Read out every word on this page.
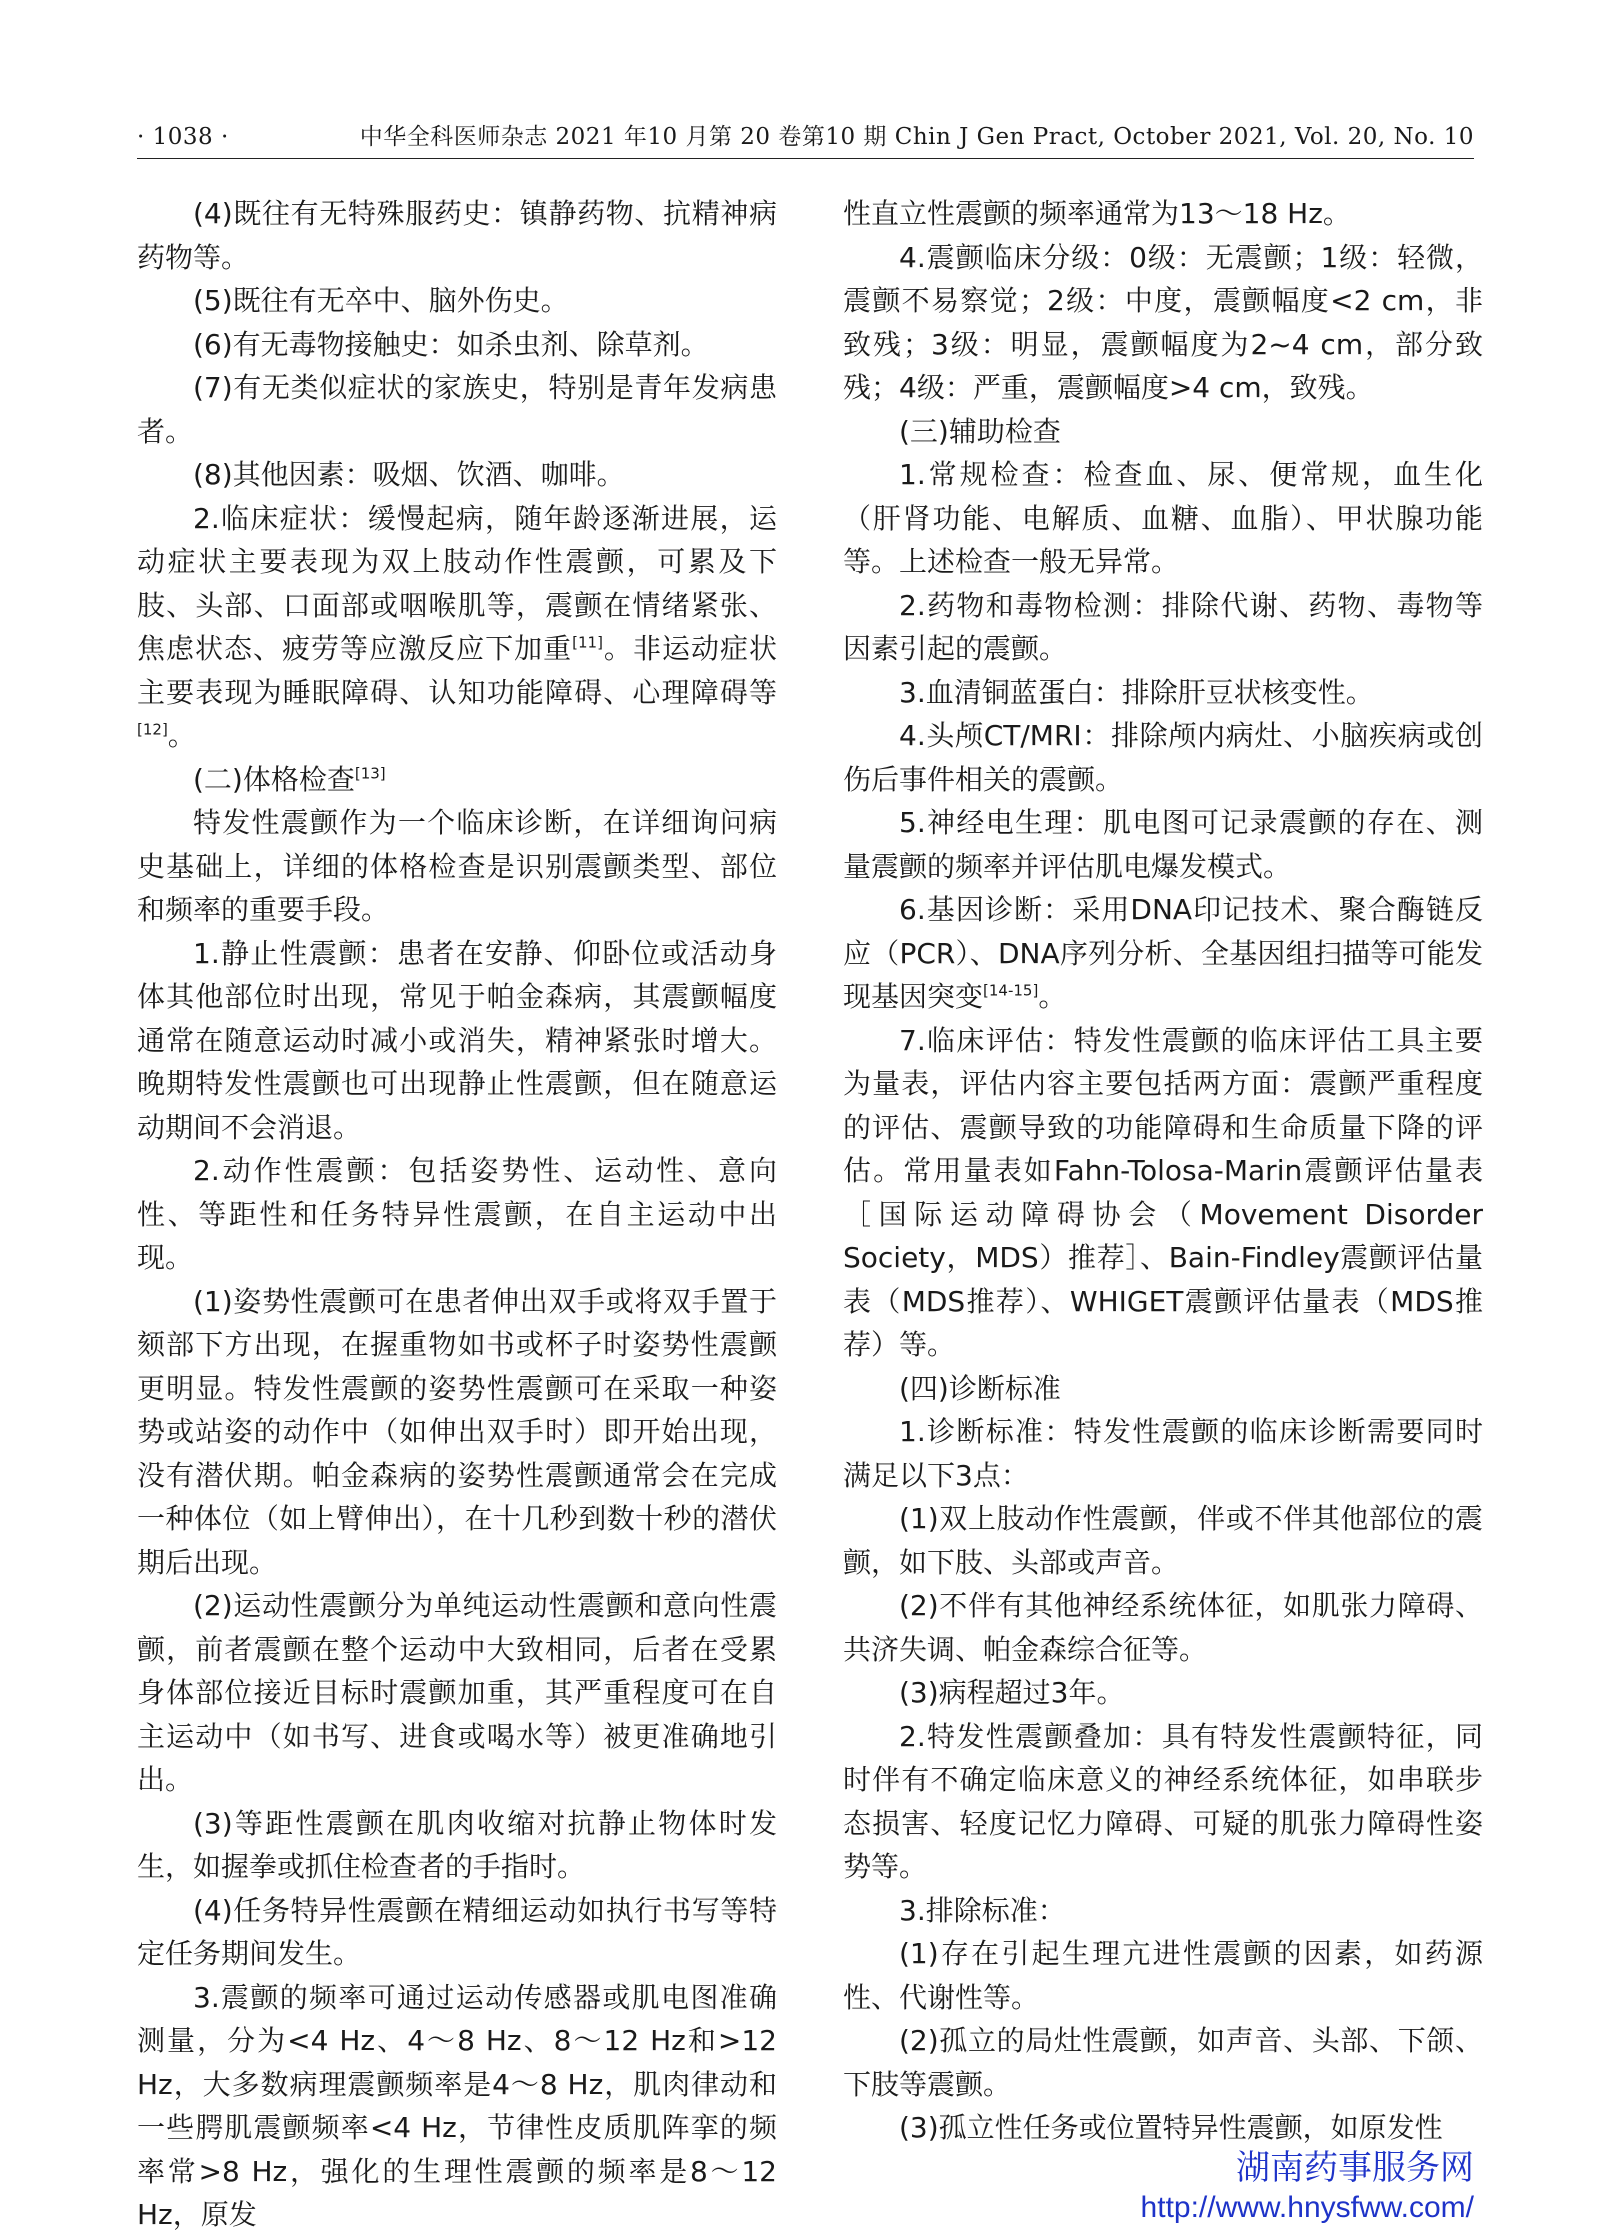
· 1038 ·	中华全科医师杂志 2021 年10 月第 20 卷第10 期 Chin J Gen Pract, October 2021, Vol. 20, No. 10

(4)既往有无特殊服药史：镇静药物、抗精神病药物等。

(5)既往有无卒中、脑外伤史。

(6)有无毒物接触史：如杀虫剂、除草剂。

(7)有无类似症状的家族史，特别是青年发病患者。

(8)其他因素：吸烟、饮酒、咖啡。

2.临床症状：缓慢起病，随年龄逐渐进展，运动症状主要表现为双上肢动作性震颤，可累及下肢、头部、口面部或咽喉肌等，震颤在情绪紧张、焦虑状态、疲劳等应激反应下加重[11]。非运动症状主要表现为睡眠障碍、认知功能障碍、心理障碍等[12]。

(二)体格检查[13]

特发性震颤作为一个临床诊断，在详细询问病史基础上，详细的体格检查是识别震颤类型、部位和频率的重要手段。

1.静止性震颤：患者在安静、仰卧位或活动身体其他部位时出现，常见于帕金森病，其震颤幅度通常在随意运动时减小或消失，精神紧张时增大。晚期特发性震颤也可出现静止性震颤，但在随意运动期间不会消退。

2.动作性震颤：包括姿势性、运动性、意向性、等距性和任务特异性震颤，在自主运动中出现。

(1)姿势性震颤可在患者伸出双手或将双手置于颏部下方出现，在握重物如书或杯子时姿势性震颤更明显。特发性震颤的姿势性震颤可在采取一种姿势或站姿的动作中（如伸出双手时）即开始出现，没有潜伏期。帕金森病的姿势性震颤通常会在完成一种体位（如上臂伸出），在十几秒到数十秒的潜伏期后出现。

(2)运动性震颤分为单纯运动性震颤和意向性震颤，前者震颤在整个运动中大致相同，后者在受累身体部位接近目标时震颤加重，其严重程度可在自主运动中（如书写、进食或喝水等）被更准确地引出。

(3)等距性震颤在肌肉收缩对抗静止物体时发生，如握拳或抓住检查者的手指时。

(4)任务特异性震颤在精细运动如执行书写等特定任务期间发生。

3.震颤的频率可通过运动传感器或肌电图准确测量，分为<4 Hz、4～8 Hz、8～12 Hz和>12 Hz，大多数病理震颤频率是4～8 Hz，肌肉律动和一些腭肌震颤频率<4 Hz，节律性皮质肌阵挛的频率常>8 Hz，强化的生理性震颤的频率是8～12 Hz，原发

性直立性震颤的频率通常为13～18 Hz。

4.震颤临床分级：0级：无震颤；1级：轻微，震颤不易察觉；2级：中度，震颤幅度<2 cm，非致残；3级：明显，震颤幅度为2~4 cm，部分致残；4级：严重，震颤幅度>4 cm，致残。

(三)辅助检查

1.常规检查：检查血、尿、便常规，血生化（肝肾功能、电解质、血糖、血脂）、甲状腺功能等。上述检查一般无异常。

2.药物和毒物检测：排除代谢、药物、毒物等因素引起的震颤。

3.血清铜蓝蛋白：排除肝豆状核变性。

4.头颅CT/MRI：排除颅内病灶、小脑疾病或创伤后事件相关的震颤。

5.神经电生理：肌电图可记录震颤的存在、测量震颤的频率并评估肌电爆发模式。

6.基因诊断：采用DNA印记技术、聚合酶链反应（PCR）、DNA序列分析、全基因组扫描等可能发现基因突变[14-15]。

7.临床评估：特发性震颤的临床评估工具主要为量表，评估内容主要包括两方面：震颤严重程度的评估、震颤导致的功能障碍和生命质量下降的评估。常用量表如Fahn-Tolosa-Marin震颤评估量表［国际运动障碍协会（Movement Disorder Society，MDS）推荐］、Bain-Findley震颤评估量表（MDS推荐）、WHIGET震颤评估量表（MDS推荐）等。

(四)诊断标准

1.诊断标准：特发性震颤的临床诊断需要同时满足以下3点：

(1)双上肢动作性震颤，伴或不伴其他部位的震颤，如下肢、头部或声音。

(2)不伴有其他神经系统体征，如肌张力障碍、共济失调、帕金森综合征等。

(3)病程超过3年。

2.特发性震颤叠加：具有特发性震颤特征，同时伴有不确定临床意义的神经系统体征，如串联步态损害、轻度记忆力障碍、可疑的肌张力障碍性姿势等。

3.排除标准：

(1)存在引起生理亢进性震颤的因素，如药源性、代谢性等。

(2)孤立的局灶性震颤，如声音、头部、下颌、下肢等震颤。

(3)孤立性任务或位置特异性震颤，如原发性

湖南药事服务网
http://www.hnysfww.com/
